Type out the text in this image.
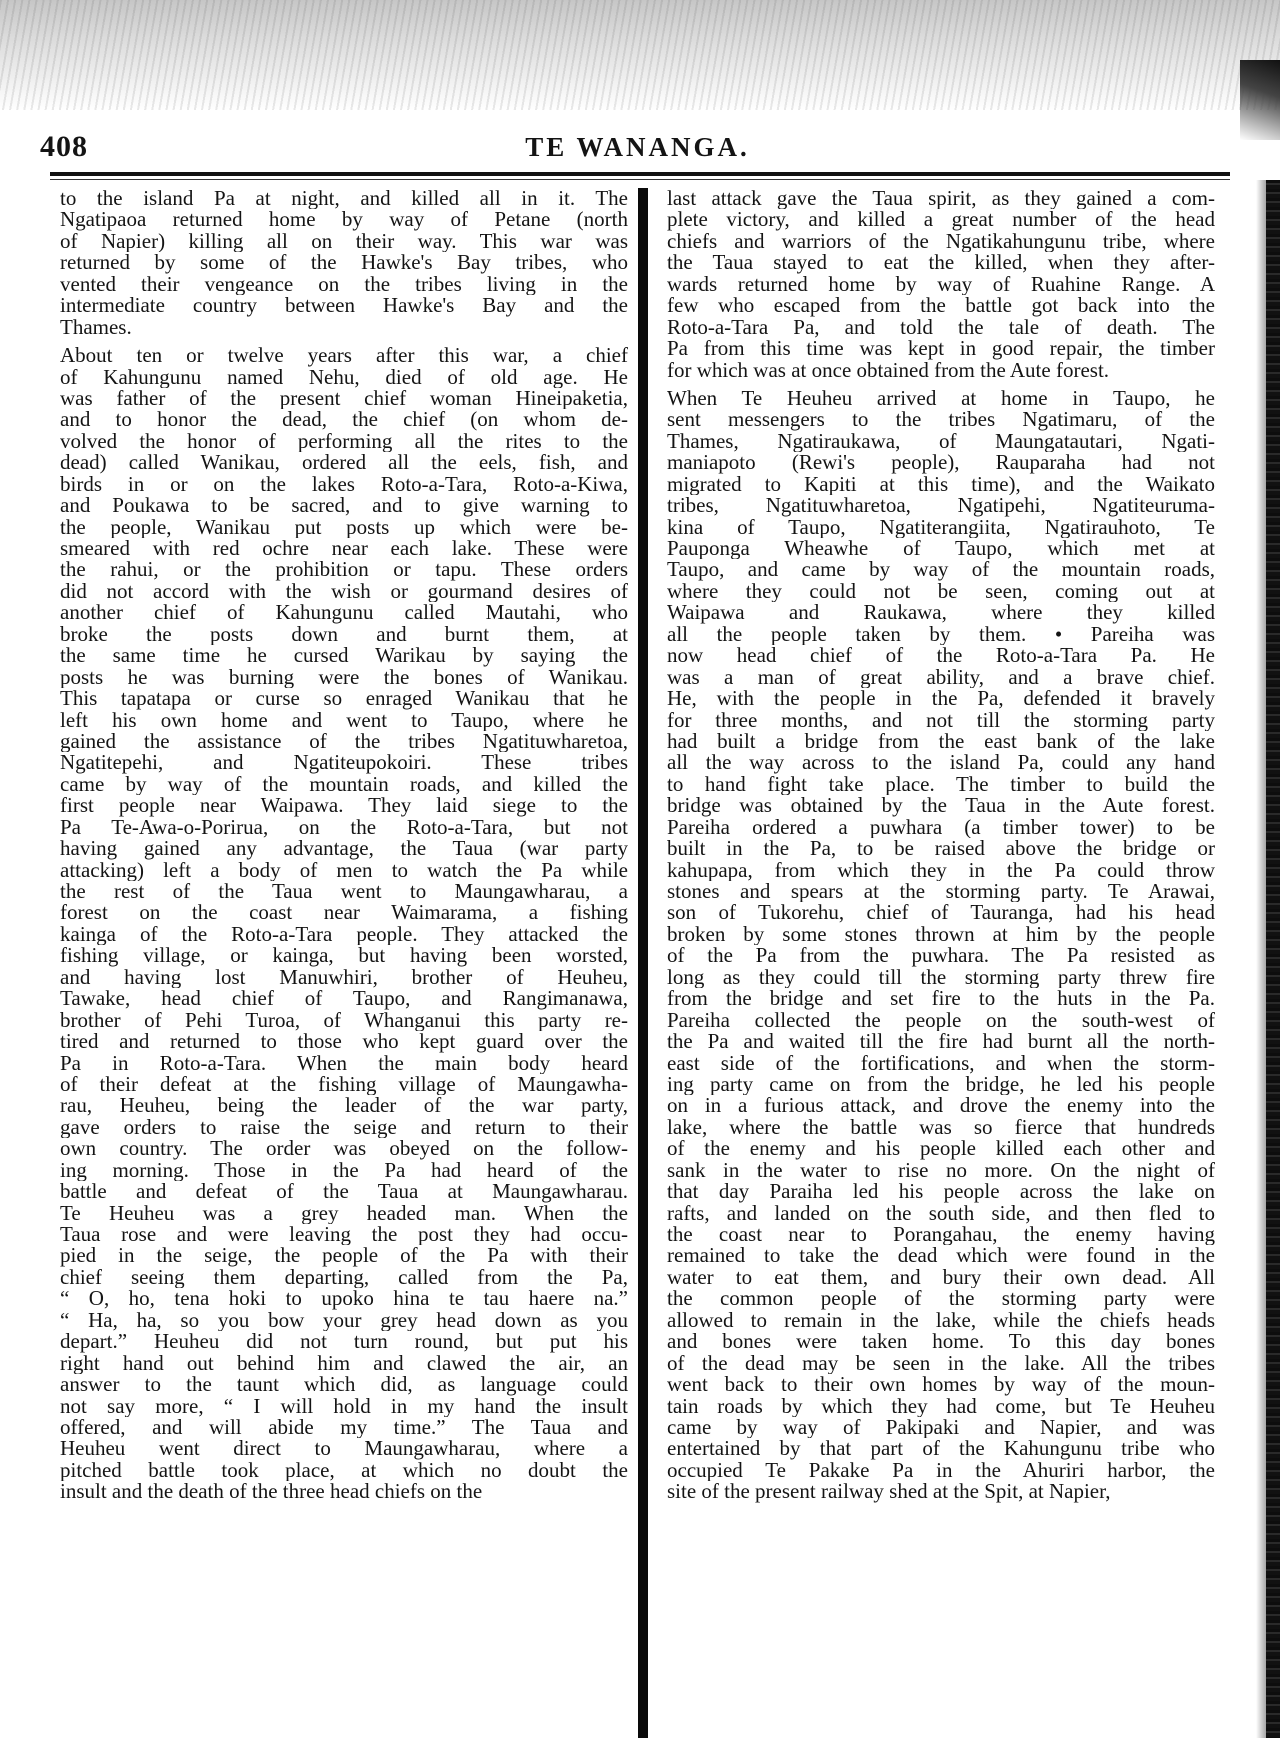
408	TE WANANGA.
to the island Pa at night, and killed all in it. The
Ngatipaoa returned home by way of Petane (north
of Napier) killing all on their way. This war was
returned by some of the Hawke's Bay tribes, who
vented their vengeance on the tribes living in the
intermediate country between Hawke's Bay and the
Thames.
About ten or twelve years after this war, a chief
of Kahungunu named Nehu, died of old age. He
was father of the present chief woman Hineipaketia,
and to honor the dead, the chief (on whom de-
volved the honor of performing all the rites to the
dead) called Wanikau, ordered all the eels, fish, and
birds in or on the lakes Roto-a-Tara, Roto-a-Kiwa,
and Poukawa to be sacred, and to give warning to
the people, Wanikau put posts up which were be-
smeared with red ochre near each lake. These were
the rahui, or the prohibition or tapu. These orders
did not accord with the wish or gourmand desires of
another chief of Kahungunu called Mautahi, who
broke the posts down and burnt them, at
the same time he cursed Warikau by saying the
posts he was burning were the bones of Wanikau.
This tapatapa or curse so enraged Wanikau that he
left his own home and went to Taupo, where he
gained the assistance of the tribes Ngatituwharetoa,
Ngatitepehi, and Ngatiteupokoiri. These tribes
came by way of the mountain roads, and killed the
first people near Waipawa. They laid siege to the
Pa Te-Awa-o-Porirua, on the Roto-a-Tara, but not
having gained any advantage, the Taua (war party
attacking) left a body of men to watch the Pa while
the rest of the Taua went to Maungawharau, a
forest on the coast near Waimarama, a fishing
kainga of the Roto-a-Tara people. They attacked the
fishing village, or kainga, but having been worsted,
and having lost Manuwhiri, brother of Heuheu,
Tawake, head chief of Taupo, and Rangimanawa,
brother of Pehi Turoa, of Whanganui this party re-
tired and returned to those who kept guard over the
Pa in Roto-a-Tara. When the main body heard
of their defeat at the fishing village of Maungawha-
rau, Heuheu, being the leader of the war party,
gave orders to raise the seige and return to their
own country. The order was obeyed on the follow-
ing morning. Those in the Pa had heard of the
battle and defeat of the Taua at Maungawharau.
Te Heuheu was a grey headed man. When the
Taua rose and were leaving the post they had occu-
pied in the seige, the people of the Pa with their
chief seeing them departing, called from the Pa,
“ O, ho, tena hoki to upoko hina te tau haere na.”
“ Ha, ha, so you bow your grey head down as you
depart.” Heuheu did not turn round, but put his
right hand out behind him and clawed the air, an
answer to the taunt which did, as language could
not say more, “ I will hold in my hand the insult
offered, and will abide my time.” The Taua and
Heuheu went direct to Maungawharau, where a
pitched battle took place, at which no doubt the
insult and the death of the three head chiefs on the
last attack gave the Taua spirit, as they gained a com-
plete victory, and killed a great number of the head
chiefs and warriors of the Ngatikahungunu tribe, where
the Taua stayed to eat the killed, when they after-
wards returned home by way of Ruahine Range. A
few who escaped from the battle got back into the
Roto-a-Tara Pa, and told the tale of death. The
Pa from this time was kept in good repair, the timber
for which was at once obtained from the Aute forest.
When Te Heuheu arrived at home in Taupo, he
sent messengers to the tribes Ngatimaru, of the
Thames, Ngatiraukawa, of Maungatautari, Ngati-
maniapoto (Rewi's people), Rauparaha had not
migrated to Kapiti at this time), and the Waikato
tribes, Ngatituwharetoa, Ngatipehi, Ngatiteuruma-
kina of Taupo, Ngatiterangiita, Ngatirauhoto, Te
Pauponga Wheawhe of Taupo, which met at
Taupo, and came by way of the mountain roads,
where they could not be seen, coming out at
Waipawa and Raukawa, where they killed
all the people taken by them. • Pareiha was
now head chief of the Roto-a-Tara Pa. He
was a man of great ability, and a brave chief.
He, with the people in the Pa, defended it bravely
for three months, and not till the storming party
had built a bridge from the east bank of the lake
all the way across to the island Pa, could any hand
to hand fight take place. The timber to build the
bridge was obtained by the Taua in the Aute forest.
Pareiha ordered a puwhara (a timber tower) to be
built in the Pa, to be raised above the bridge or
kahupapa, from which they in the Pa could throw
stones and spears at the storming party. Te Arawai,
son of Tukorehu, chief of Tauranga, had his head
broken by some stones thrown at him by the people
of the Pa from the puwhara. The Pa resisted as
long as they could till the storming party threw fire
from the bridge and set fire to the huts in the Pa.
Pareiha collected the people on the south-west of
the Pa and waited till the fire had burnt all the north-
east side of the fortifications, and when the storm-
ing party came on from the bridge, he led his people
on in a furious attack, and drove the enemy into the
lake, where the battle was so fierce that hundreds
of the enemy and his people killed each other and
sank in the water to rise no more. On the night of
that day Paraiha led his people across the lake on
rafts, and landed on the south side, and then fled to
the coast near to Porangahau, the enemy having
remained to take the dead which were found in the
water to eat them, and bury their own dead. All
the common people of the storming party were
allowed to remain in the lake, while the chiefs heads
and bones were taken home. To this day bones
of the dead may be seen in the lake. All the tribes
went back to their own homes by way of the moun-
tain roads by which they had come, but Te Heuheu
came by way of Pakipaki and Napier, and was
entertained by that part of the Kahungunu tribe who
occupied Te Pakake Pa in the Ahuriri harbor, the
site of the present railway shed at the Spit, at Napier,
